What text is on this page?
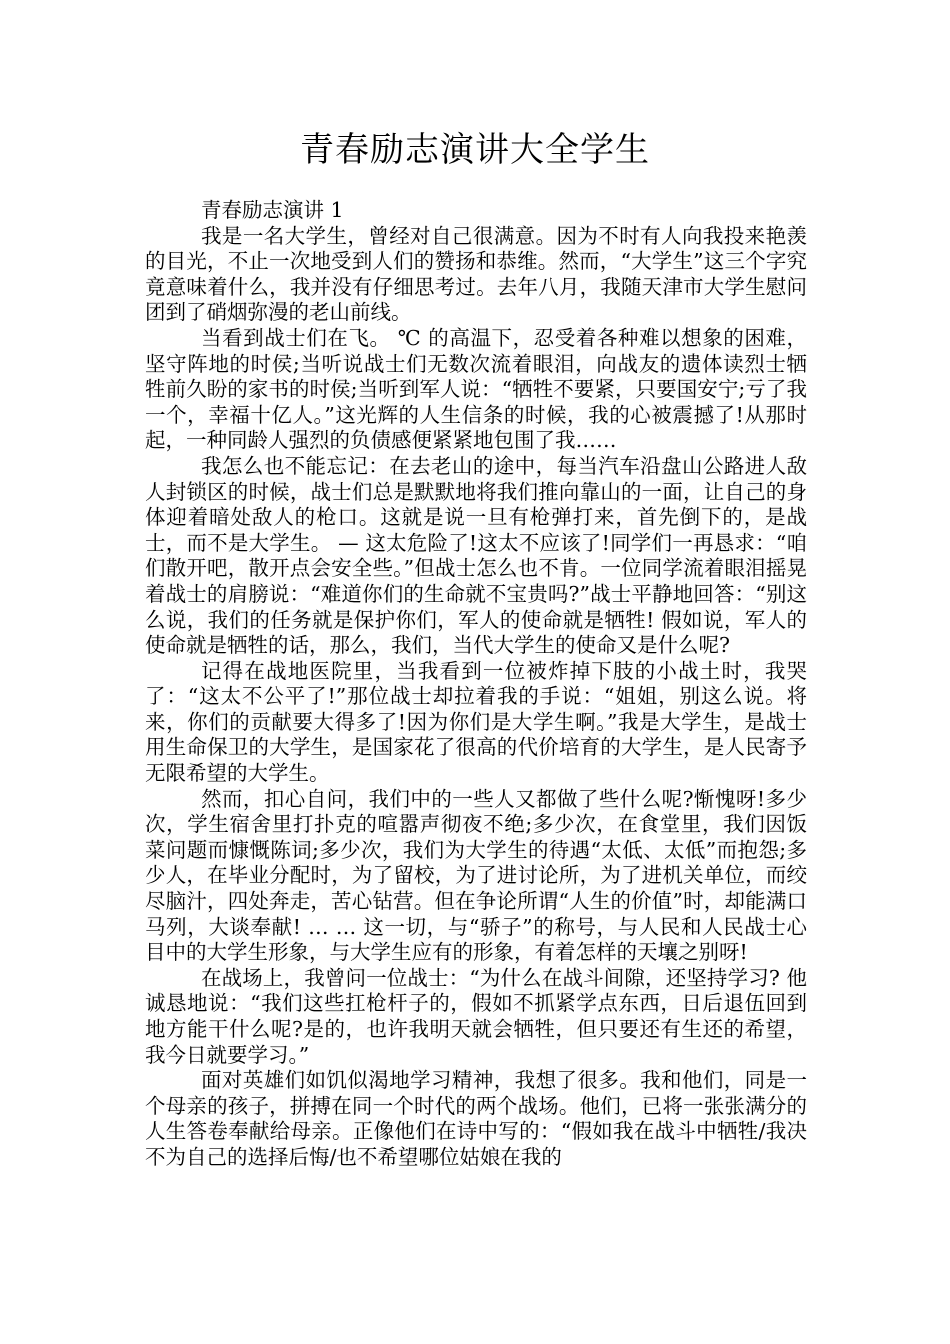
青春励志演讲大全学生
青春励志演讲 1

我是一名大学生，曾经对自己很满意。因为不时有人向我投来艳羡的目光，不止一次地受到人们的赞扬和恭维。然而，“大学生”这三个字究竟意味着什么，我并没有仔细思考过。去年八月，我随天津市大学生慰问团到了硝烟弥漫的老山前线。

当看到战士们在飞。 ℃ 的高温下，忍受着各种难以想象的困难，坚守阵地的时侯;当听说战士们无数次流着眼泪，向战友的遗体读烈士牺牲前久盼的家书的时侯;当听到军人说：“牺牲不要紧，只要国安宁;亏了我一个，幸福十亿人。”这光辉的人生信条的时候，我的心被震撼了!从那时起，一种同龄人强烈的负债感便紧紧地包围了我……

我怎么也不能忘记：在去老山的途中，每当汽车沿盘山公路进人敌人封锁区的时候，战士们总是默默地将我们推向靠山的一面，让自己的身体迎着暗处敌人的枪口。这就是说一旦有枪弹打来，首先倒下的，是战士，而不是大学生。 — 这太危险了!这太不应该了!同学们一再恳求：“咱们散开吧，散开点会安全些。”但战士怎么也不肯。一位同学流着眼泪摇晃着战士的肩膀说：“难道你们的生命就不宝贵吗?”战士平静地回答：“别这么说，我们的任务就是保护你们，军人的使命就是牺牲! 假如说，军人的使命就是牺牲的话，那么，我们，当代大学生的使命又是什么呢?

记得在战地医院里，当我看到一位被炸掉下肢的小战土时，我哭了：“这太不公平了!”那位战士却拉着我的手说：“姐姐，别这么说。将来，你们的贡献要大得多了!因为你们是大学生啊。”我是大学生，是战士用生命保卫的大学生，是国家花了很高的代价培育的大学生，是人民寄予无限希望的大学生。

然而，扣心自问，我们中的一些人又都做了些什么呢?惭愧呀!多少次，学生宿舍里打扑克的喧嚣声彻夜不绝;多少次，在食堂里，我们因饭菜问题而慷慨陈词;多少次，我们为大学生的待遇“太低、太低”而抱怨;多少人，在毕业分配时，为了留校，为了进讨论所，为了进机关单位，而绞尽脑汁，四处奔走，苦心钻营。但在争论所谓“人生的价值”时，却能满口马列，大谈奉献! … … 这一切，与“骄子”的称号，与人民和人民战士心目中的大学生形象，与大学生应有的形象，有着怎样的天壤之别呀!

在战场上，我曾问一位战士：“为什么在战斗间隙，还坚持学习? 他诚恳地说：“我们这些扛枪杆子的，假如不抓紧学点东西，日后退伍回到地方能干什么呢?是的，也许我明天就会牺牲，但只要还有生还的希望，我今日就要学习。”

面对英雄们如饥似渴地学习精神，我想了很多。我和他们，同是一个母亲的孩子，拼搏在同一个时代的两个战场。他们，已将一张张满分的人生答卷奉献给母亲。正像他们在诗中写的：“假如我在战斗中牺牲/我决不为自己的选择后悔/也不希望哪位姑娘在我的
